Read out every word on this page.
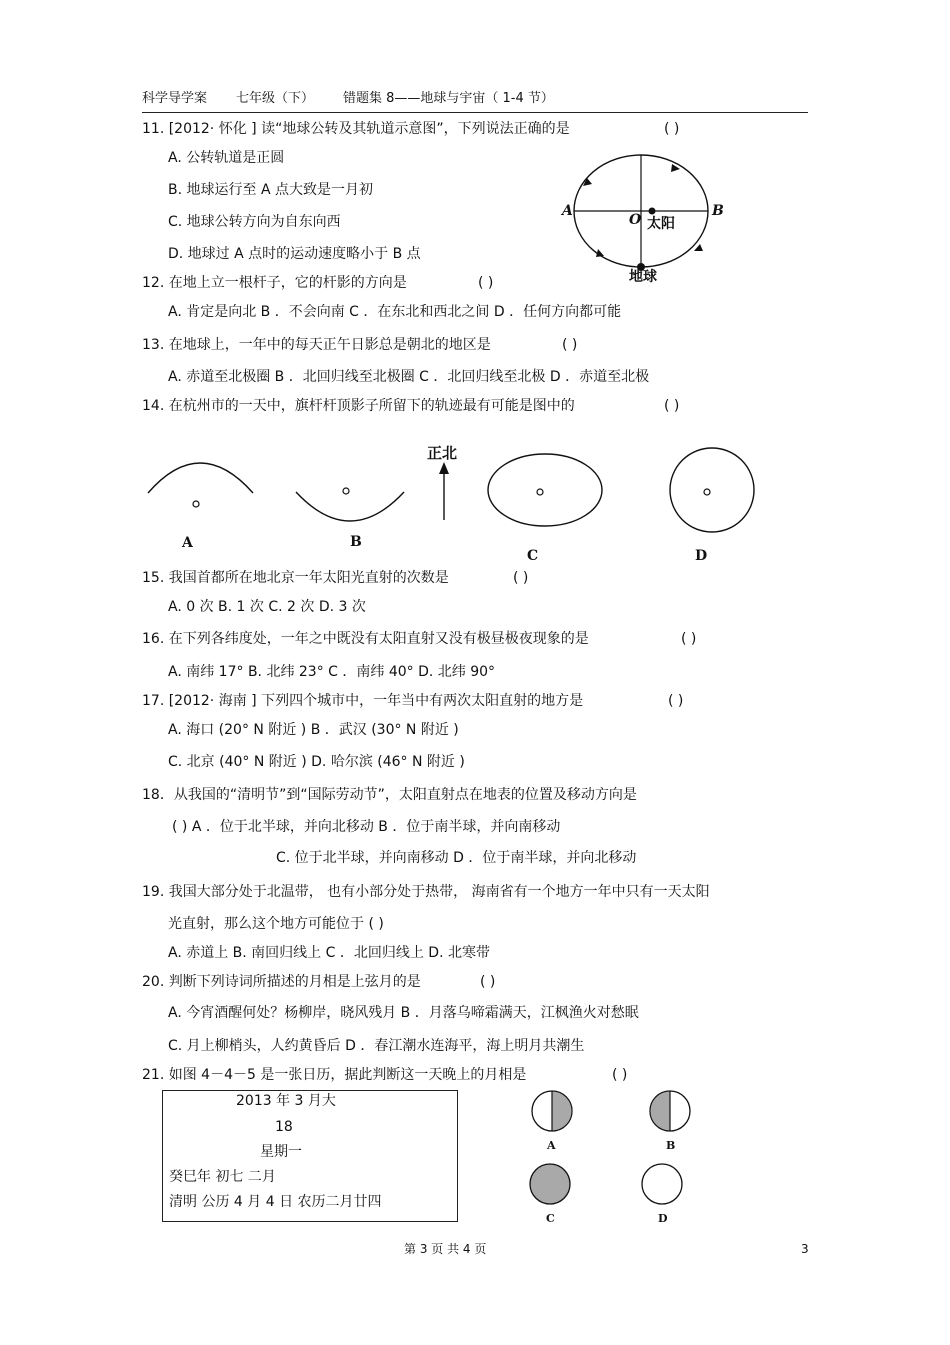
科学导学案 七年级（下） 错题集 8——地球与宇宙（ 1-4 节）
11. [2012· 怀化 ] 读“地球公转及其轨道示意图”，下列说法正确的是	( )
A. 公转轨道是正圆
B. 地球运行至 A 点大致是一月初
C. 地球公转方向为自东向西
D. 地球过 A 点时的运动速度略小于 B 点
A	B
O 太阳
地球
12. 在地上立一根杆子，它的杆影的方向是	( )
A. 肯定是向北 B ．不会向南 C ．在东北和西北之间 D ．任何方向都可能
13. 在地球上，一年中的每天正午日影总是朝北的地区是	( )
A. 赤道至北极圈 B ．北回归线至北极圈 C ．北回归线至北极 D ．赤道至北极
14. 在杭州市的一天中，旗杆杆顶影子所留下的轨迹最有可能是图中的	( )
正北
A	B
C	D
15. 我国首都所在地北京一年太阳光直射的次数是	( )
A. 0 次 B. 1 次 C. 2 次 D. 3 次
16. 在下列各纬度处，一年之中既没有太阳直射又没有极昼极夜现象的是	( )
A. 南纬 17° B. 北纬 23° C ．南纬 40° D. 北纬 90°
17. [2012· 海南 ] 下列四个城市中，一年当中有两次太阳直射的地方是	( )
A. 海口 (20° N 附近 ) B ．武汉 (30° N 附近 )
C. 北京 (40° N 附近 ) D. 哈尔滨 (46° N 附近 )
18．从我国的“清明节”到“国际劳动节”，太阳直射点在地表的位置及移动方向是
( ) A ．位于北半球，并向北移动 B ．位于南半球，并向南移动
C. 位于北半球，并向南移动 D ．位于南半球，并向北移动
19. 我国大部分处于北温带， 也有小部分处于热带， 海南省有一个地方一年中只有一天太阳
光直射，那么这个地方可能位于 ( )
A. 赤道上 B. 南回归线上 C ．北回归线上 D. 北寒带
20. 判断下列诗词所描述的月相是上弦月的是	( )
A. 今宵酒醒何处？杨柳岸，晓风残月 B ．月落乌啼霜满天，江枫渔火对愁眠
C. 月上柳梢头，人约黄昏后 D ．春江潮水连海平，海上明月共潮生
21. 如图 4－4－5 是一张日历，据此判断这一天晚上的月相是	( )
2013 年 3 月大
18
星期一
癸巳年 初七 二月
清明 公历 4 月 4 日 农历二月廿四
A	B
C	D
第 3 页 共 4 页	3
